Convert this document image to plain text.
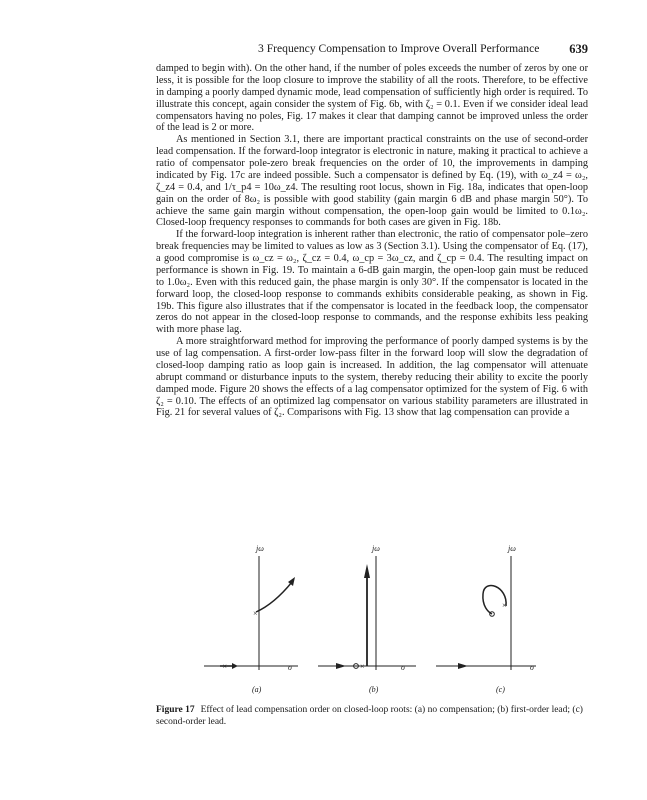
3 Frequency Compensation to Improve Overall Performance 639

damped to begin with). On the other hand, if the number of poles exceeds the number of zeros by one or less, it is possible for the loop closure to improve the stability of all the roots. Therefore, to be effective in damping a poorly damped dynamic mode, lead compensation of sufficiently high order is required. To illustrate this concept, again consider the system of Fig. 6b, with ζ₂ = 0.1. Even if we consider ideal lead compensators having no poles, Fig. 17 makes it clear that damping cannot be improved unless the order of the lead is 2 or more.

As mentioned in Section 3.1, there are important practical constraints on the use of second-order lead compensation. If the forward-loop integrator is electronic in nature, making it practical to achieve a ratio of compensator pole-zero break frequencies on the order of 10, the improvements in damping indicated by Fig. 17c are indeed possible. Such a compensator is defined by Eq. (19), with ω_z4 = ω₂, ζ_z4 = 0.4, and 1/τ_p4 = 10ω_z4. The resulting root locus, shown in Fig. 18a, indicates that open-loop gain on the order of 8ω₂ is possible with good stability (gain margin 6 dB and phase margin 50°). To achieve the same gain margin without compensation, the open-loop gain would be limited to 0.1ω₂. Closed-loop frequency responses to commands for both cases are given in Fig. 18b.

If the forward-loop integration is inherent rather than electronic, the ratio of compensator pole–zero break frequencies may be limited to values as low as 3 (Section 3.1). Using the compensator of Eq. (17), a good compromise is ω_cz = ω₂, ζ_cz = 0.4, ω_cp = 3ω_cz, and ζ_cp = 0.4. The resulting impact on performance is shown in Fig. 19. To maintain a 6-dB gain margin, the open-loop gain must be reduced to 1.0ω₂. Even with this reduced gain, the phase margin is only 30°. If the compensator is located in the forward loop, the closed-loop response to commands exhibits considerable peaking, as shown in Fig. 19b. This figure also illustrates that if the compensator is located in the feedback loop, the compensator zeros do not appear in the closed-loop response to commands, and the response exhibits less peaking with more phase lag.

A more straightforward method for improving the performance of poorly damped systems is by the use of lag compensation. A first-order low-pass filter in the forward loop will slow the degradation of closed-loop damping ratio as loop gain is increased. In addition, the lag compensator will attenuate abrupt command or disturbance inputs to the system, thereby reducing their ability to excite the poorly damped mode. Figure 20 shows the effects of a lag compensator optimized for the system of Fig. 6 with ζ₂ = 0.10. The effects of an optimized lag compensator on various stability parameters are illustrated in Fig. 21 for several values of ζ₂. Comparisons with Fig. 13 show that lag compensation can provide a

jω
×
×
σ
(a)
jω
×	σ
(b)
jω
×
σ
(c)
Figure 17 Effect of lead compensation order on closed-loop roots: (a) no compensation; (b) first-order lead; (c) second-order lead.
